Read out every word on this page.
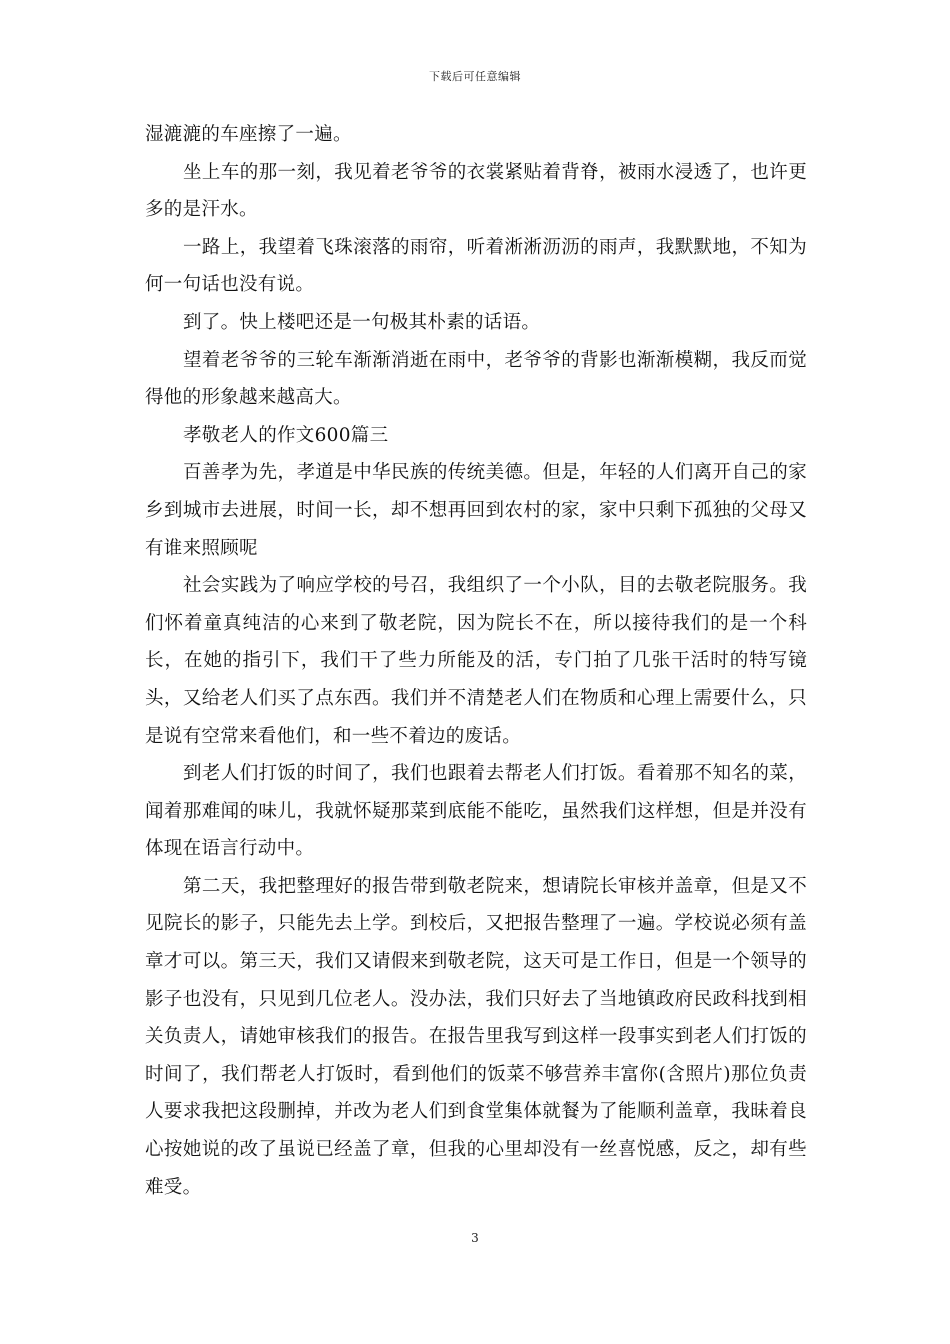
下载后可任意编辑

湿漉漉的车座擦了一遍。

坐上车的那一刻，我见着老爷爷的衣裳紧贴着背脊，被雨水浸透了，也许更多的是汗水。

一路上，我望着飞珠滚落的雨帘，听着淅淅沥沥的雨声，我默默地，不知为何一句话也没有说。

到了。快上楼吧还是一句极其朴素的话语。

望着老爷爷的三轮车渐渐消逝在雨中，老爷爷的背影也渐渐模糊，我反而觉得他的形象越来越高大。

孝敬老人的作文600篇三

百善孝为先，孝道是中华民族的传统美德。但是，年轻的人们离开自己的家乡到城市去进展，时间一长，却不想再回到农村的家，家中只剩下孤独的父母又有谁来照顾呢

社会实践为了响应学校的号召，我组织了一个小队，目的去敬老院服务。我们怀着童真纯洁的心来到了敬老院，因为院长不在，所以接待我们的是一个科长，在她的指引下，我们干了些力所能及的活，专门拍了几张干活时的特写镜头，又给老人们买了点东西。我们并不清楚老人们在物质和心理上需要什么，只是说有空常来看他们，和一些不着边的废话。

到老人们打饭的时间了，我们也跟着去帮老人们打饭。看着那不知名的菜，闻着那难闻的味儿，我就怀疑那菜到底能不能吃，虽然我们这样想，但是并没有体现在语言行动中。

第二天，我把整理好的报告带到敬老院来，想请院长审核并盖章，但是又不见院长的影子，只能先去上学。到校后，又把报告整理了一遍。学校说必须有盖章才可以。第三天，我们又请假来到敬老院，这天可是工作日，但是一个领导的影子也没有，只见到几位老人。没办法，我们只好去了当地镇政府民政科找到相关负责人，请她审核我们的报告。在报告里我写到这样一段事实到老人们打饭的时间了，我们帮老人打饭时，看到他们的饭菜不够营养丰富你(含照片)那位负责人要求我把这段删掉，并改为老人们到食堂集体就餐为了能顺利盖章，我昧着良心按她说的改了虽说已经盖了章，但我的心里却没有一丝喜悦感，反之，却有些难受。

3
